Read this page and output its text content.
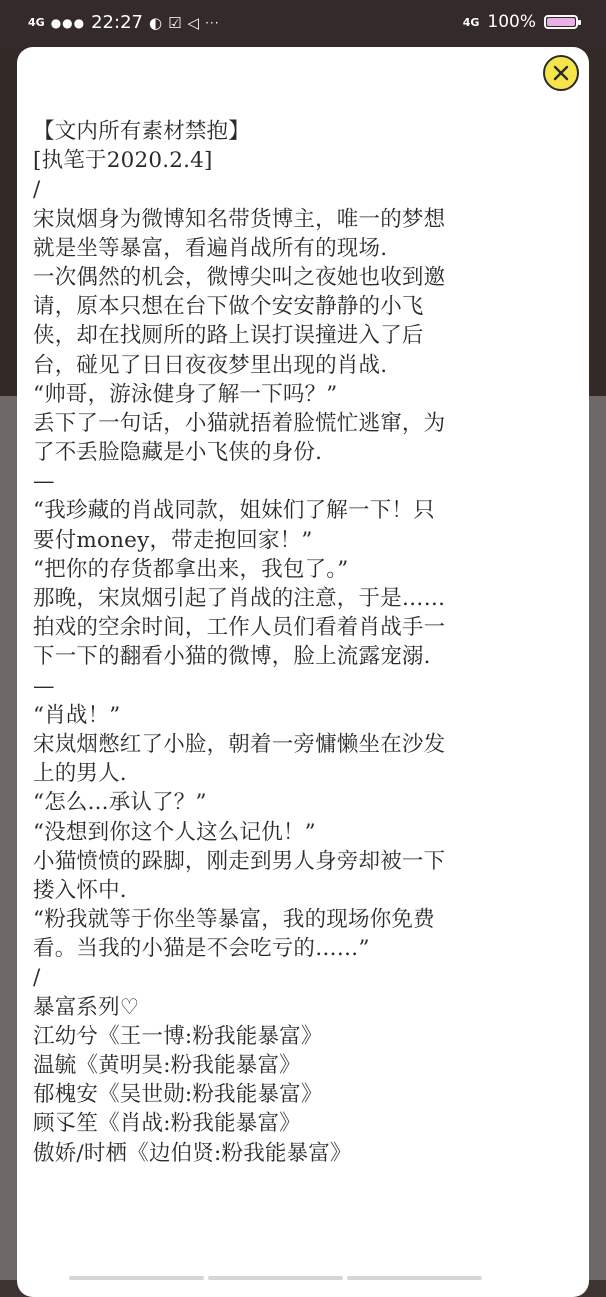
4G ●●● 22:27 ◐ ☑ ◁ ···	4G 100%
【文内所有素材禁抱】
[执笔于2020.2.4]
/
宋岚烟身为微博知名带货博主，唯一的梦想
就是坐等暴富，看遍肖战所有的现场.
一次偶然的机会，微博尖叫之夜她也收到邀
请，原本只想在台下做个安安静静的小飞
侠，却在找厕所的路上误打误撞进入了后
台，碰见了日日夜夜梦里出现的肖战.
“帅哥，游泳健身了解一下吗？”
丢下了一句话，小猫就捂着脸慌忙逃窜，为
了不丢脸隐藏是小飞侠的身份.
—
“我珍藏的肖战同款，姐妹们了解一下！只
要付money，带走抱回家！”
“把你的存货都拿出来，我包了。”
那晚，宋岚烟引起了肖战的注意，于是……
拍戏的空余时间，工作人员们看着肖战手一
下一下的翻看小猫的微博，脸上流露宠溺.
—
“肖战！”
宋岚烟憋红了小脸，朝着一旁慵懒坐在沙发
上的男人.
“怎么...承认了？”
“没想到你这个人这么记仇！”
小猫愤愤的跺脚，刚走到男人身旁却被一下
搂入怀中.
“粉我就等于你坐等暴富，我的现场你免费
看。当我的小猫是不会吃亏的……”
/
暴富系列♡
江幼兮《王一博:粉我能暴富》
温毓《黄明昊:粉我能暴富》
郁槐安《吴世勋:粉我能暴富》
顾孓笙《肖战:粉我能暴富》
傲娇/时栖《边伯贤:粉我能暴富》
